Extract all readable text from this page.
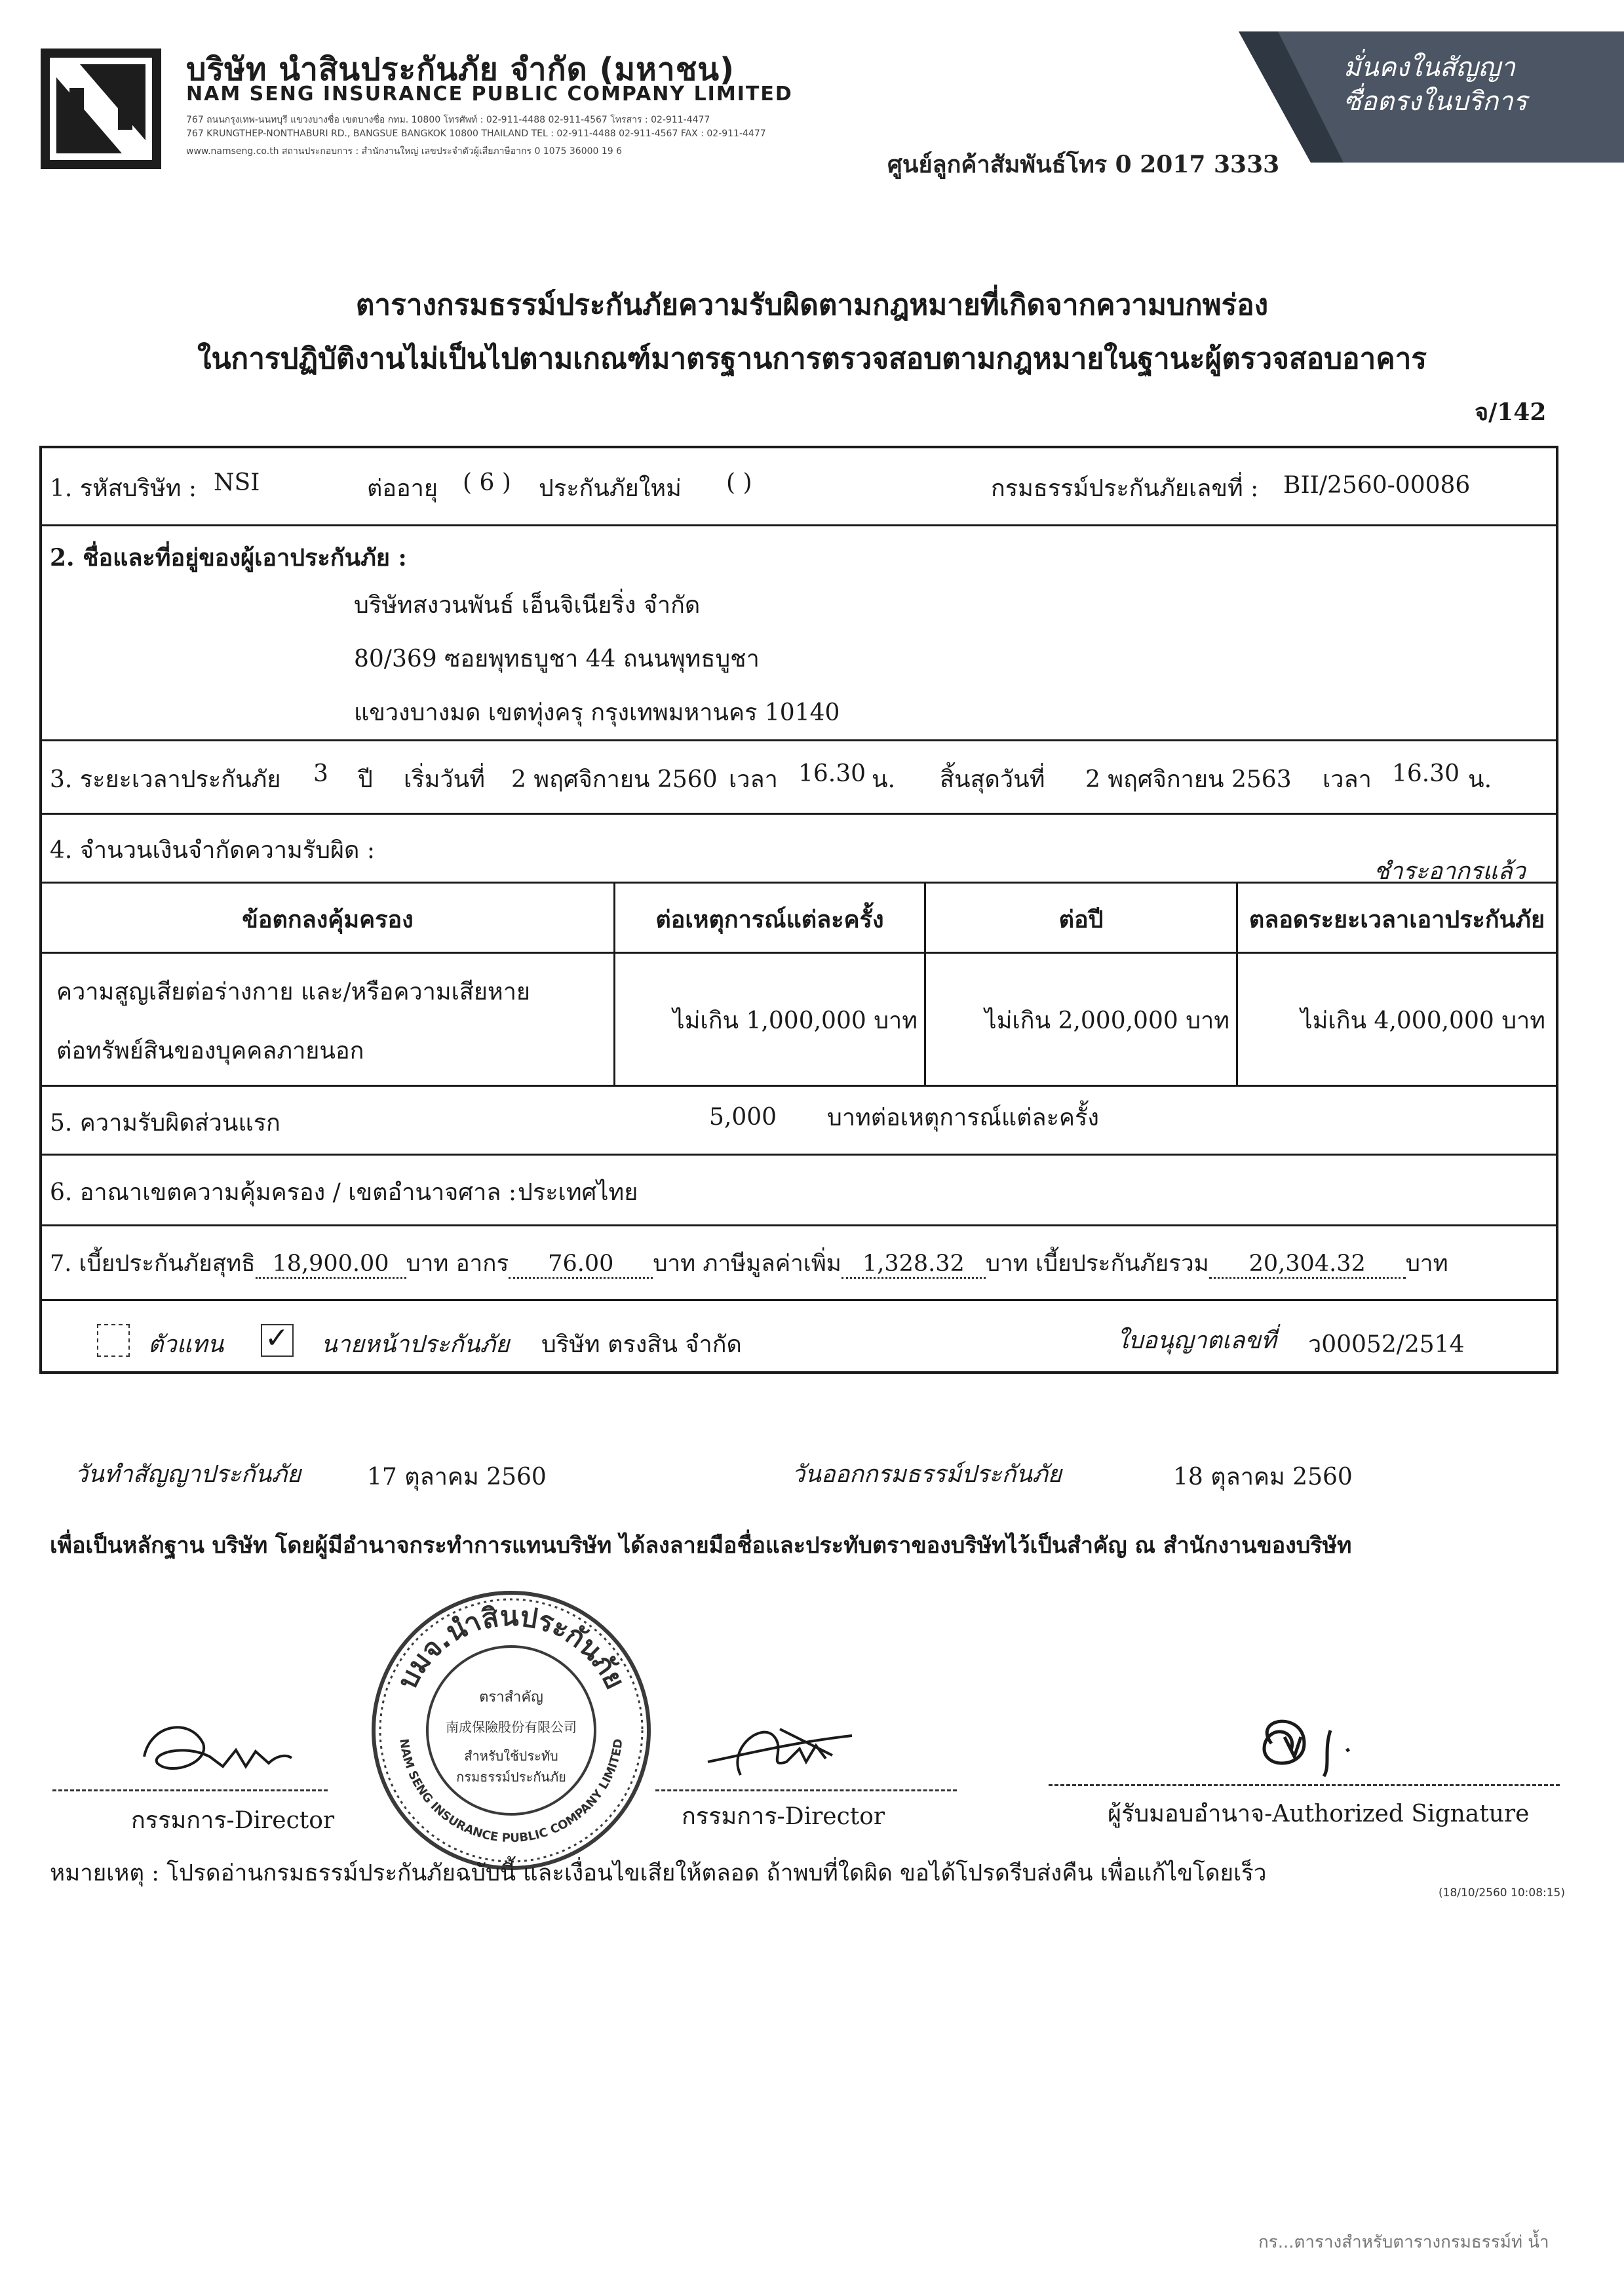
บริษัท นำสินประกันภัย จำกัด (มหาชน)
NAM SENG INSURANCE PUBLIC COMPANY LIMITED
767 ถนนกรุงเทพ-นนทบุรี แขวงบางซื่อ เขตบางซื่อ กทม. 10800 โทรศัพท์ : 02-911-4488 02-911-4567 โทรสาร : 02-911-4477
767 KRUNGTHEP-NONTHABURI RD., BANGSUE BANGKOK 10800 THAILAND TEL : 02-911-4488 02-911-4567 FAX : 02-911-4477
www.namseng.co.th สถานประกอบการ : สำนักงานใหญ่ เลขประจำตัวผู้เสียภาษีอากร 0 1075 36000 19 6	ศูนย์ลูกค้าสัมพันธ์โทร 0 2017 3333
มั่นคงในสัญญา
ซื่อตรงในบริการ
ตารางกรมธรรม์ประกันภัยความรับผิดตามกฎหมายที่เกิดจากความบกพร่อง
ในการปฏิบัติงานไม่เป็นไปตามเกณฑ์มาตรฐานการตรวจสอบตามกฎหมายในฐานะผู้ตรวจสอบอาคาร
จ/142
1. รหัสบริษัท : NSI	ต่ออายุ ( 6 ) ประกันภัยใหม่ ( )	กรมธรรม์ประกันภัยเลขที่ : BII/2560-00086
2. ชื่อและที่อยู่ของผู้เอาประกันภัย :
บริษัทสงวนพันธ์ เอ็นจิเนียริ่ง จำกัด
80/369 ซอยพุทธบูชา 44 ถนนพุทธบูชา
แขวงบางมด เขตทุ่งครุ กรุงเทพมหานคร 10140
3. ระยะเวลาประกันภัย 3 ปี เริ่มวันที่ 2 พฤศจิกายน 2560 เวลา 16.30 น. สิ้นสุดวันที่ 2 พฤศจิกายน 2563 เวลา 16.30 น.
4. จำนวนเงินจำกัดความรับผิด :
ชำระอากรแล้ว
ข้อตกลงคุ้มครอง	ต่อเหตุการณ์แต่ละครั้ง	ต่อปี	ตลอดระยะเวลาเอาประกันภัย
ความสูญเสียต่อร่างกาย และ/หรือความเสียหาย
ต่อทรัพย์สินของบุคคลภายนอก
ไม่เกิน 1,000,000 บาท	ไม่เกิน 2,000,000 บาท	ไม่เกิน 4,000,000 บาท
5. ความรับผิดส่วนแรก	5,000 บาทต่อเหตุการณ์แต่ละครั้ง
6. อาณาเขตความคุ้มครอง / เขตอำนาจศาล : ประเทศไทย
7. เบี้ยประกันภัยสุทธิ 18,900.00 บาท อากร 76.00 บาท ภาษีมูลค่าเพิ่ม 1,328.32 บาท เบี้ยประกันภัยรวม 20,304.32 บาท
ตัวแทน ✓ นายหน้าประกันภัย บริษัท ตรงสิน จำกัด	ใบอนุญาตเลขที่ ว00052/2514
วันทำสัญญาประกันภัย	17 ตุลาคม 2560	วันออกกรมธรรม์ประกันภัย	18 ตุลาคม 2560
เพื่อเป็นหลักฐาน บริษัท โดยผู้มีอำนาจกระทำการแทนบริษัท ได้ลงลายมือชื่อและประทับตราของบริษัทไว้เป็นสำคัญ ณ สำนักงานของบริษัท
กรรมการ-Director	กรรมการ-Director	ผู้รับมอบอำนาจ-Authorized Signature
บมจ.นำสินประกันภัย
NAM SENG INSURANCE PUBLIC COMPANY LIMITED
ตราสำคัญ
南成保險股份有限公司
สำหรับใช้ประทับ
กรมธรรม์ประกันภัย
หมายเหตุ : โปรดอ่านกรมธรรม์ประกันภัยฉบับนี้ และเงื่อนไขเสียให้ตลอด ถ้าพบที่ใดผิด ขอได้โปรดรีบส่งคืน เพื่อแก้ไขโดยเร็ว
(18/10/2560 10:08:15)
กร...ตารางสำหรับตารางกรมธรรม์ท่ น้ำ
